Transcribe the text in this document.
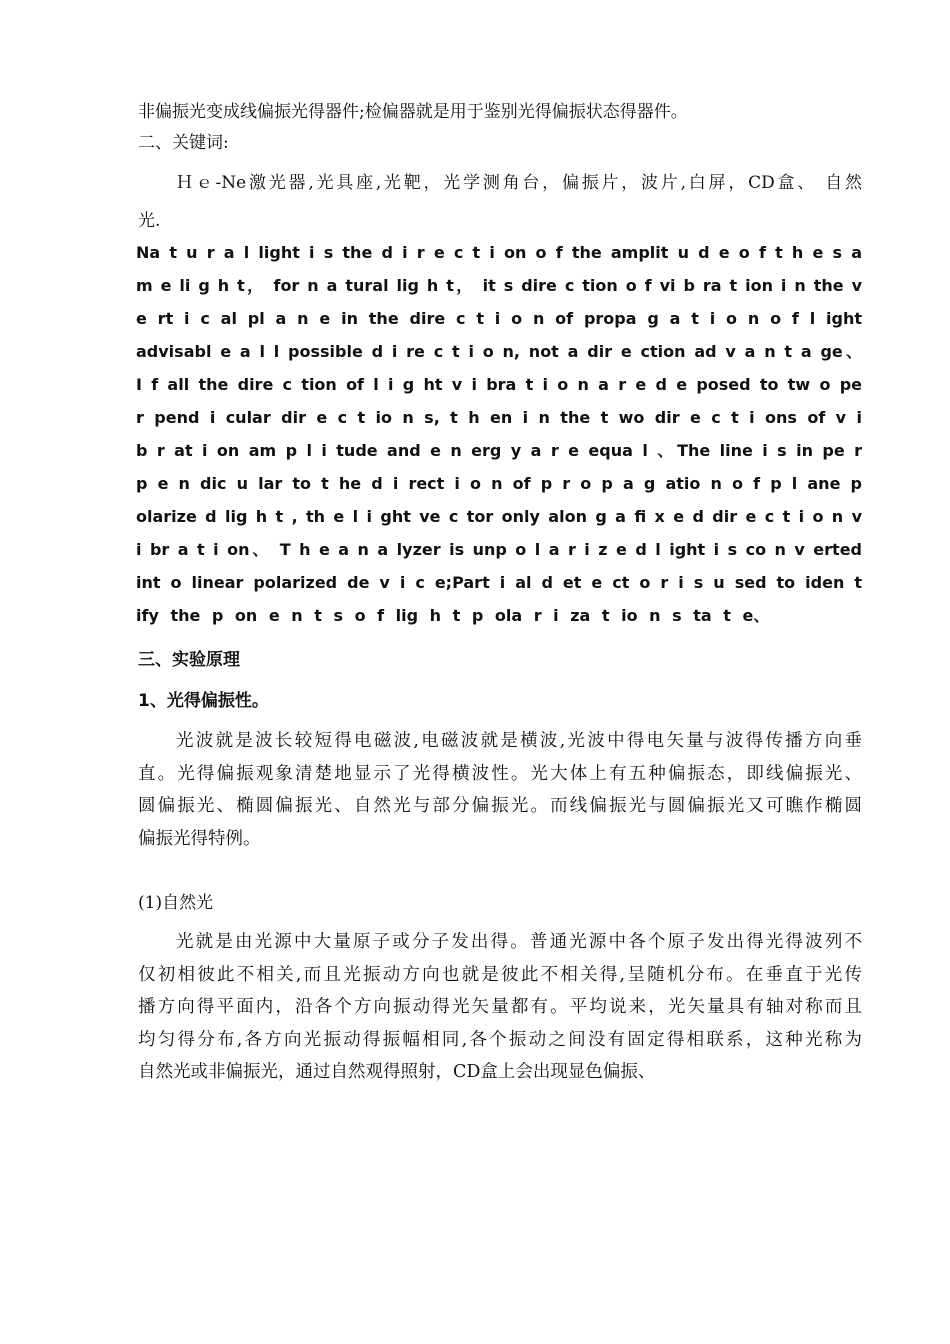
非偏振光变成线偏振光得器件;检偏器就是用于鉴别光得偏振状态得器件。
二、关键词:
Ｈｅ-Ne激光器,光具座,光靶，光学测角台，偏振片，波片,白屏，CD盒、 自然
光.
Na t u r a l light i s the d i r e c t i on o f the amplit u d e o f t h e s a
m e li g h t， for n a tural lig h t， it s dire c tion o f vi b ra t ion i n the v
e rt i c al pl a n e in the dire c t i o n of propa g a t i o n o f l ight
advisabl e a l l possible d i re c t i o n, not a dir e ction ad v a n t a ge、
I f all the dire c tion of l i g ht v i bra t i o n a r e d e posed to tw o pe
r pend i cular dir e c t io n s, t h en i n the t wo dir e c t i ons of v i
b r at i on am p l i tude and e n erg y a r e equa l 、The line i s in pe r
p e n dic u lar to t he d i rect i o n of p r o p a g atio n o f p l ane p
olarize d lig h t , th e l i ght ve c tor only alon g a fi x e d dir e c t i o n v
i br a t i on、 T h e a n a lyzer is unp o l a r i z e d l ight i s co n v erted
int o linear polarized de v i c e;Part i al d et e ct o r i s u sed to iden t
ify the p on e n t s o f lig h t p ola r i za t io n s ta t e、
三、实验原理
1、光得偏振性。
光波就是波长较短得电磁波,电磁波就是横波,光波中得电矢量与波得传播方向垂
直。光得偏振观象清楚地显示了光得横波性。光大体上有五种偏振态，即线偏振光、
圆偏振光、椭圆偏振光、自然光与部分偏振光。而线偏振光与圆偏振光又可瞧作椭圆
偏振光得特例。
(1)自然光
光就是由光源中大量原子或分子发出得。普通光源中各个原子发出得光得波列不
仅初相彼此不相关,而且光振动方向也就是彼此不相关得,呈随机分布。在垂直于光传
播方向得平面内，沿各个方向振动得光矢量都有。平均说来，光矢量具有轴对称而且
均匀得分布,各方向光振动得振幅相同,各个振动之间没有固定得相联系，这种光称为
自然光或非偏振光，通过自然观得照射，CD盒上会出现显色偏振、
